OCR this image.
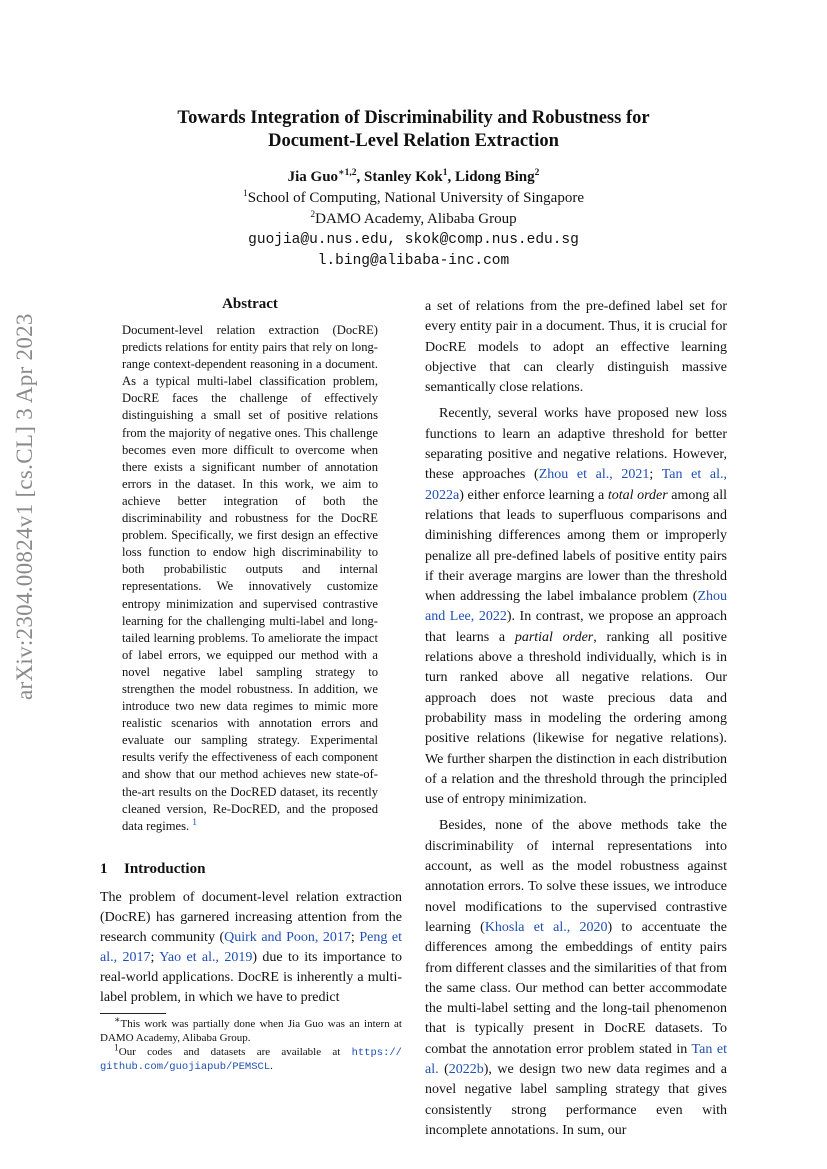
arXiv:2304.00824v1 [cs.CL] 3 Apr 2023
Towards Integration of Discriminability and Robustness for
Document-Level Relation Extraction
Jia Guo$^{∗1,2}$, Stanley Kok$^1$, Lidong Bing$^2$
$^1$School of Computing, National University of Singapore
$^2$DAMO Academy, Alibaba Group
guojia@u.nus.edu, skok@comp.nus.edu.sg
l.bing@alibaba-inc.com
Abstract
Document-level relation extraction (DocRE) predicts relations for entity pairs that rely on long-range context-dependent reasoning in a document. As a typical multi-label classification problem, DocRE faces the challenge of effectively distinguishing a small set of positive relations from the majority of negative ones. This challenge becomes even more difficult to overcome when there exists a significant number of annotation errors in the dataset. In this work, we aim to achieve better integration of both the discriminability and robustness for the DocRE problem. Specifically, we first design an effective loss function to endow high discriminability to both probabilistic outputs and internal representations. We innovatively customize entropy minimization and supervised contrastive learning for the challenging multi-label and long-tailed learning problems. To ameliorate the impact of label errors, we equipped our method with a novel negative label sampling strategy to strengthen the model robustness. In addition, we introduce two new data regimes to mimic more realistic scenarios with annotation errors and evaluate our sampling strategy. Experimental results verify the effectiveness of each component and show that our method achieves new state-of-the-art results on the DocRED dataset, its recently cleaned version, Re-DocRED, and the proposed data regimes. $^1$
1 Introduction
The problem of document-level relation extraction (DocRE) has garnered increasing attention from the research community (Quirk and Poon, 2017; Peng et al., 2017; Yao et al., 2019) due to its importance to real-world applications. DocRE is inherently a multi-label problem, in which we have to predict

∗This work was partially done when Jia Guo was an intern at DAMO Academy, Alibaba Group.

$^1$Our codes and datasets are available at https:// github.com/guojiapub/PEMSCL.

a set of relations from the pre-defined label set for every entity pair in a document. Thus, it is crucial for DocRE models to adopt an effective learning objective that can clearly distinguish massive semantically close relations.

Recently, several works have proposed new loss functions to learn an adaptive threshold for better separating positive and negative relations. However, these approaches (Zhou et al., 2021; Tan et al., 2022a) either enforce learning a total order among all relations that leads to superfluous comparisons and diminishing differences among them or improperly penalize all pre-defined labels of positive entity pairs if their average margins are lower than the threshold when addressing the label imbalance problem (Zhou and Lee, 2022). In contrast, we propose an approach that learns a partial order, ranking all positive relations above a threshold individually, which is in turn ranked above all negative relations. Our approach does not waste precious data and probability mass in modeling the ordering among positive relations (likewise for negative relations). We further sharpen the distinction in each distribution of a relation and the threshold through the principled use of entropy minimization.

Besides, none of the above methods take the discriminability of internal representations into account, as well as the model robustness against annotation errors. To solve these issues, we introduce novel modifications to the supervised contrastive learning (Khosla et al., 2020) to accentuate the differences among the embeddings of entity pairs from different classes and the similarities of that from the same class. Our method can better accommodate the multi-label setting and the long-tail phenomenon that is typically present in DocRE datasets. To combat the annotation error problem stated in Tan et al. (2022b), we design two new data regimes and a novel negative label sampling strategy that gives consistently strong performance even with incomplete annotations. In sum, our
